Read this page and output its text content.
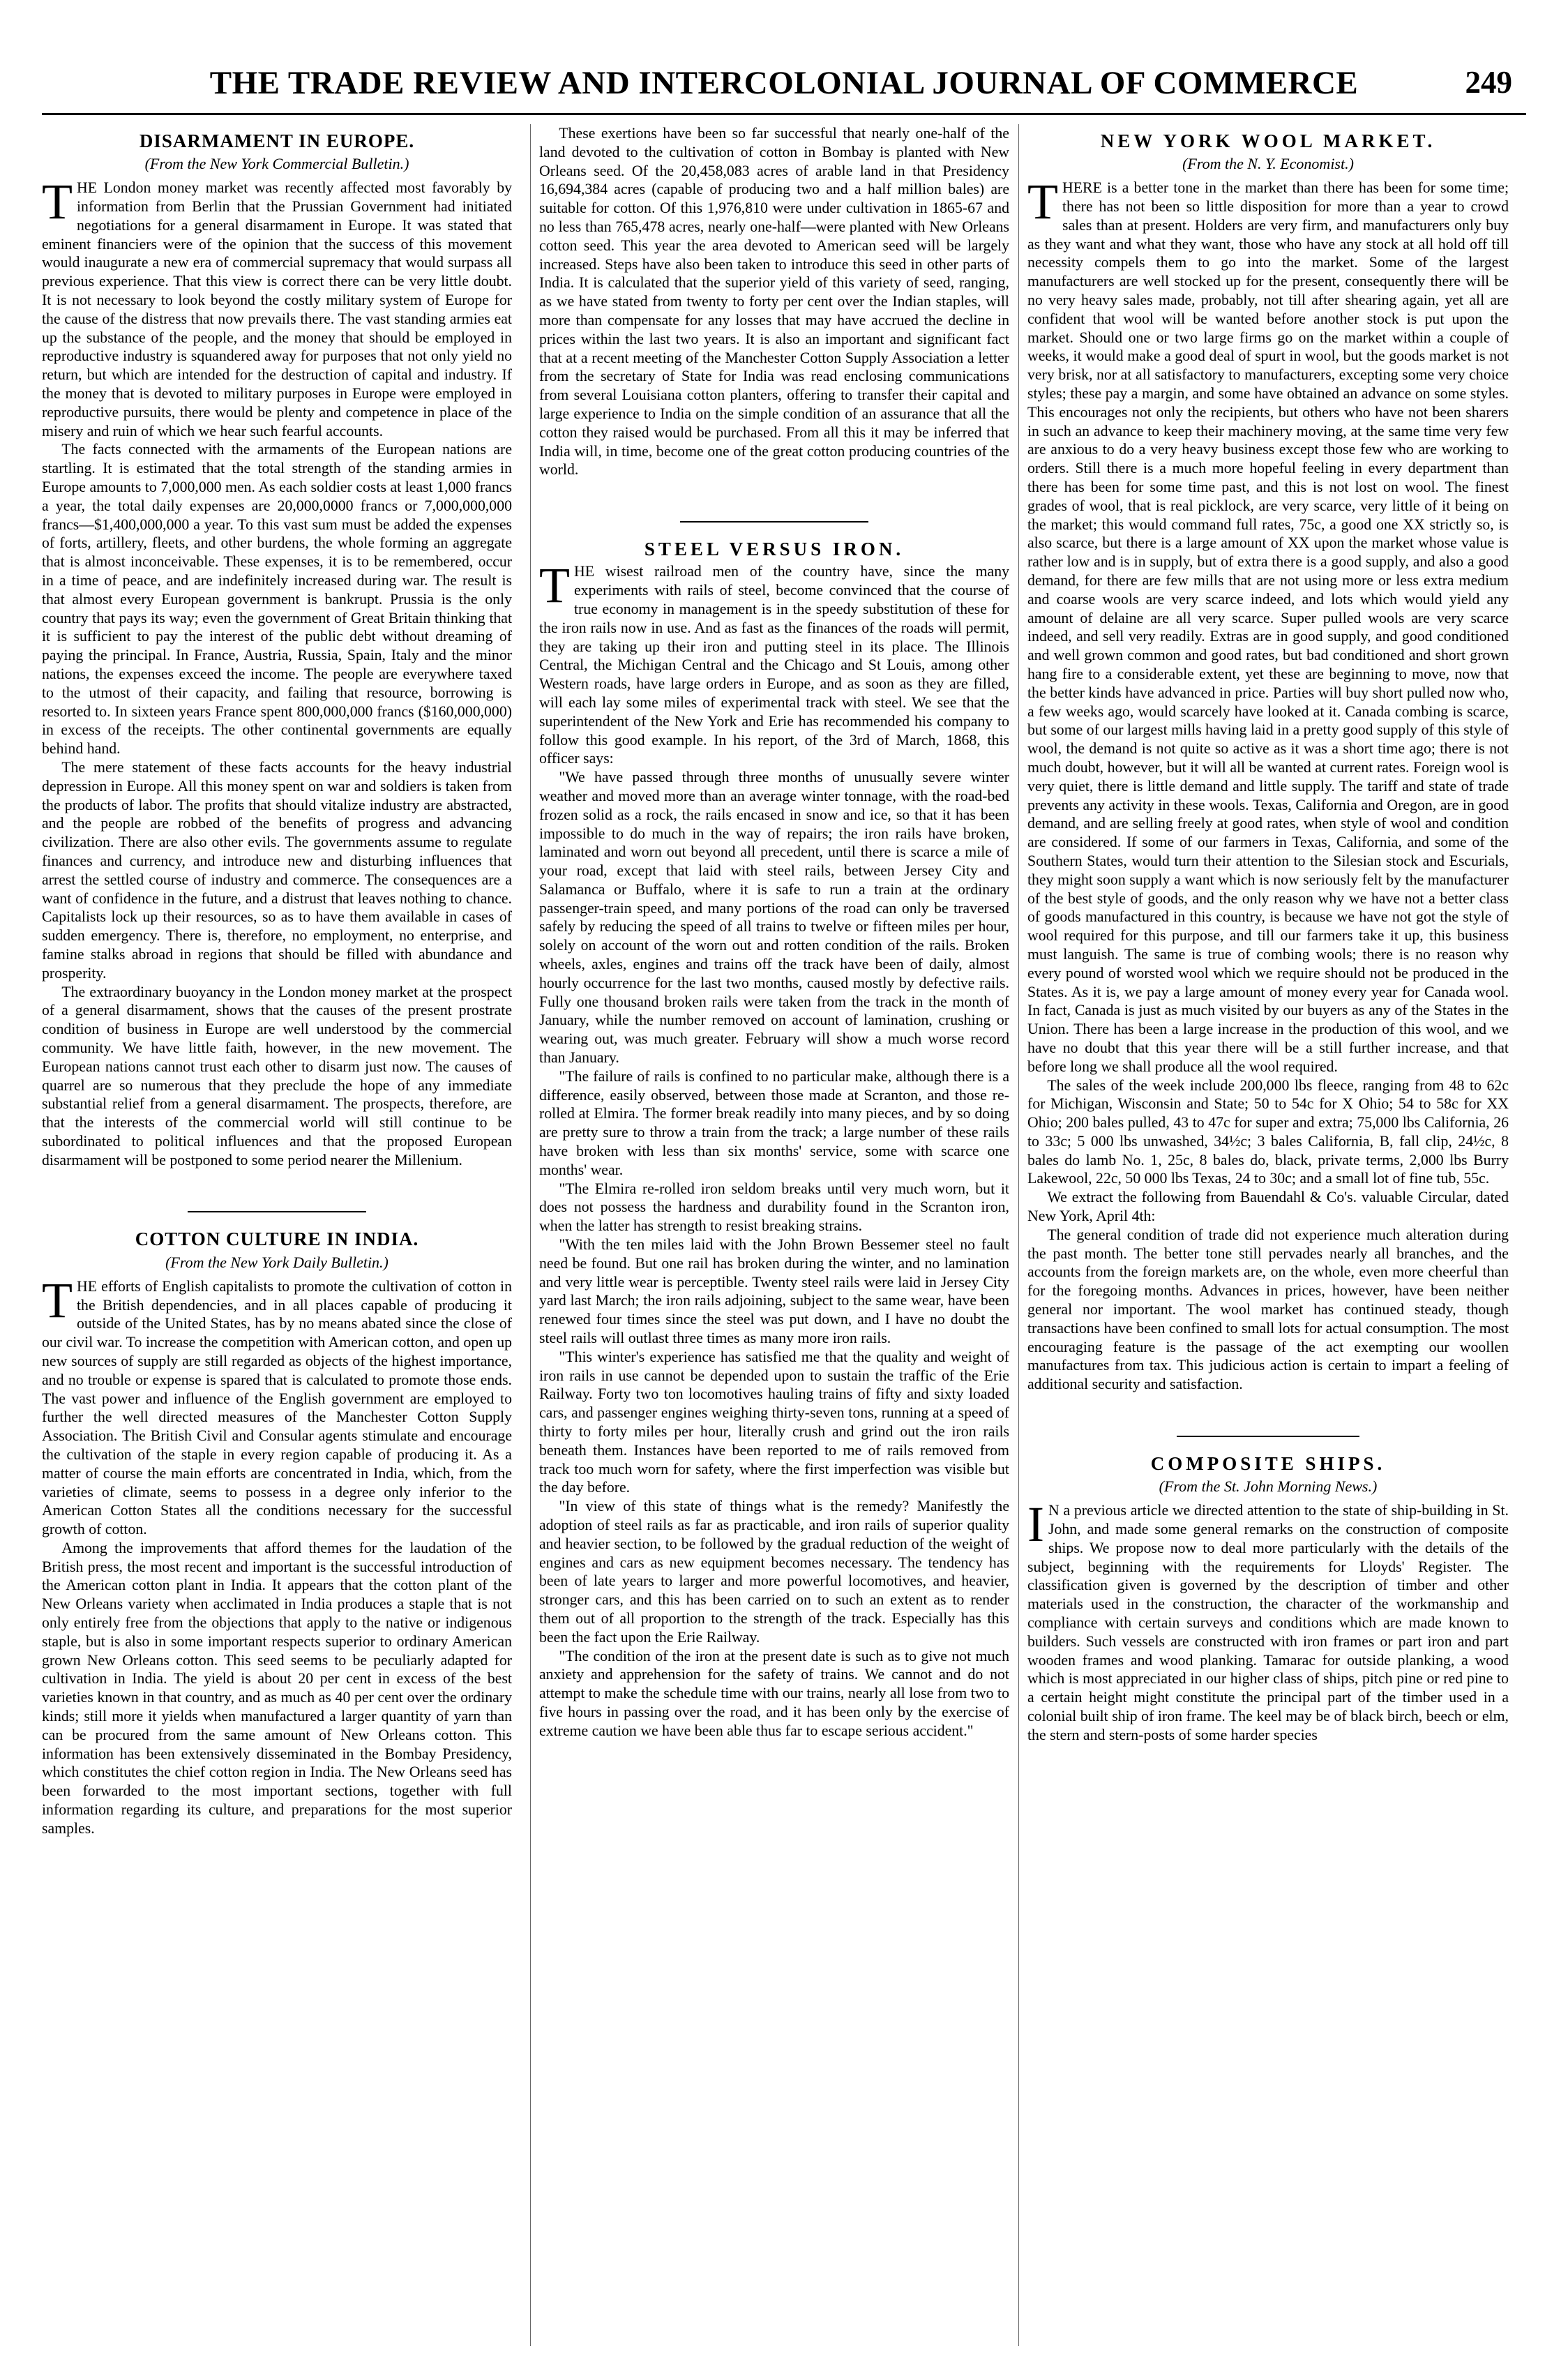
THE TRADE REVIEW AND INTERCOLONIAL JOURNAL OF COMMERCE	249
DISARMAMENT IN EUROPE.
(From the New York Commercial Bulletin.)

THE London money market was recently affected most favorably by information from Berlin that the Prussian Government had initiated negotiations for a general disarmament in Europe. It was stated that eminent financiers were of the opinion that the success of this movement would inaugurate a new era of commercial supremacy that would surpass all previous experience. That this view is correct there can be very little doubt. It is not necessary to look beyond the costly military system of Europe for the cause of the distress that now prevails there. The vast standing armies eat up the substance of the people, and the money that should be employed in reproductive industry is squandered away for purposes that not only yield no return, but which are intended for the destruction of capital and industry. If the money that is devoted to military purposes in Europe were employed in reproductive pursuits, there would be plenty and competence in place of the misery and ruin of which we hear such fearful accounts.

The facts connected with the armaments of the European nations are startling. It is estimated that the total strength of the standing armies in Europe amounts to 7,000,000 men. As each soldier costs at least 1,000 francs a year, the total daily expenses are 20,000,0000 francs or 7,000,000,000 francs—$1,400,000,000 a year. To this vast sum must be added the expenses of forts, artillery, fleets, and other burdens, the whole forming an aggregate that is almost inconceivable. These expenses, it is to be remembered, occur in a time of peace, and are indefinitely increased during war. The result is that almost every European government is bankrupt. Prussia is the only country that pays its way; even the government of Great Britain thinking that it is sufficient to pay the interest of the public debt without dreaming of paying the principal. In France, Austria, Russia, Spain, Italy and the minor nations, the expenses exceed the income. The people are everywhere taxed to the utmost of their capacity, and failing that resource, borrowing is resorted to. In sixteen years France spent 800,000,000 francs ($160,000,000) in excess of the receipts. The other continental governments are equally behind hand.

The mere statement of these facts accounts for the heavy industrial depression in Europe. All this money spent on war and soldiers is taken from the products of labor. The profits that should vitalize industry are abstracted, and the people are robbed of the benefits of progress and advancing civilization. There are also other evils. The governments assume to regulate finances and currency, and introduce new and disturbing influences that arrest the settled course of industry and commerce. The consequences are a want of confidence in the future, and a distrust that leaves nothing to chance. Capitalists lock up their resources, so as to have them available in cases of sudden emergency. There is, therefore, no employment, no enterprise, and famine stalks abroad in regions that should be filled with abundance and prosperity.

The extraordinary buoyancy in the London money market at the prospect of a general disarmament, shows that the causes of the present prostrate condition of business in Europe are well understood by the commercial community. We have little faith, however, in the new movement. The European nations cannot trust each other to disarm just now. The causes of quarrel are so numerous that they preclude the hope of any immediate substantial relief from a general disarmament. The prospects, therefore, are that the interests of the commercial world will still continue to be subordinated to political influences and that the proposed European disarmament will be postponed to some period nearer the Millenium.

COTTON CULTURE IN INDIA.
(From the New York Daily Bulletin.)

THE efforts of English capitalists to promote the cultivation of cotton in the British dependencies, and in all places capable of producing it outside of the United States, has by no means abated since the close of our civil war. To increase the competition with American cotton, and open up new sources of supply are still regarded as objects of the highest importance, and no trouble or expense is spared that is calculated to promote those ends. The vast power and influence of the English government are employed to further the well directed measures of the Manchester Cotton Supply Association. The British Civil and Consular agents stimulate and encourage the cultivation of the staple in every region capable of producing it. As a matter of course the main efforts are concentrated in India, which, from the varieties of climate, seems to possess in a degree only inferior to the American Cotton States all the conditions necessary for the successful growth of cotton.

Among the improvements that afford themes for the laudation of the British press, the most recent and important is the successful introduction of the American cotton plant in India. It appears that the cotton plant of the New Orleans variety when acclimated in India produces a staple that is not only entirely free from the objections that apply to the native or indigenous staple, but is also in some important respects superior to ordinary American grown New Orleans cotton. This seed seems to be peculiarly adapted for cultivation in India. The yield is about 20 per cent in excess of the best varieties known in that country, and as much as 40 per cent over the ordinary kinds; still more it yields when manufactured a larger quantity of yarn than can be procured from the same amount of New Orleans cotton. This information has been extensively disseminated in the Bombay Presidency, which constitutes the chief cotton region in India. The New Orleans seed has been forwarded to the most important sections, together with full information regarding its culture, and preparations for the most superior samples.

These exertions have been so far successful that nearly one-half of the land devoted to the cultivation of cotton in Bombay is planted with New Orleans seed. Of the 20,458,083 acres of arable land in that Presidency 16,694,384 acres (capable of producing two and a half million bales) are suitable for cotton. Of this 1,976,810 were under cultivation in 1865-67 and no less than 765,478 acres, nearly one-half—were planted with New Orleans cotton seed. This year the area devoted to American seed will be largely increased. Steps have also been taken to introduce this seed in other parts of India. It is calculated that the superior yield of this variety of seed, ranging, as we have stated from twenty to forty per cent over the Indian staples, will more than compensate for any losses that may have accrued the decline in prices within the last two years. It is also an important and significant fact that at a recent meeting of the Manchester Cotton Supply Association a letter from the secretary of State for India was read enclosing communications from several Louisiana cotton planters, offering to transfer their capital and large experience to India on the simple condition of an assurance that all the cotton they raised would be purchased. From all this it may be inferred that India will, in time, become one of the great cotton producing countries of the world.

STEEL VERSUS IRON.

THE wisest railroad men of the country have, since the many experiments with rails of steel, become convinced that the course of true economy in management is in the speedy substitution of these for the iron rails now in use. And as fast as the finances of the roads will permit, they are taking up their iron and putting steel in its place. The Illinois Central, the Michigan Central and the Chicago and St Louis, among other Western roads, have large orders in Europe, and as soon as they are filled, will each lay some miles of experimental track with steel. We see that the superintendent of the New York and Erie has recommended his company to follow this good example. In his report, of the 3rd of March, 1868, this officer says:

"We have passed through three months of unusually severe winter weather and moved more than an average winter tonnage, with the road-bed frozen solid as a rock, the rails encased in snow and ice, so that it has been impossible to do much in the way of repairs; the iron rails have broken, laminated and worn out beyond all precedent, until there is scarce a mile of your road, except that laid with steel rails, between Jersey City and Salamanca or Buffalo, where it is safe to run a train at the ordinary passenger-train speed, and many portions of the road can only be traversed safely by reducing the speed of all trains to twelve or fifteen miles per hour, solely on account of the worn out and rotten condition of the rails. Broken wheels, axles, engines and trains off the track have been of daily, almost hourly occurrence for the last two months, caused mostly by defective rails. Fully one thousand broken rails were taken from the track in the month of January, while the number removed on account of lamination, crushing or wearing out, was much greater. February will show a much worse record than January.

"The failure of rails is confined to no particular make, although there is a difference, easily observed, between those made at Scranton, and those re-rolled at Elmira. The former break readily into many pieces, and by so doing are pretty sure to throw a train from the track; a large number of these rails have broken with less than six months' service, some with scarce one months' wear.

"The Elmira re-rolled iron seldom breaks until very much worn, but it does not possess the hardness and durability found in the Scranton iron, when the latter has strength to resist breaking strains.

"With the ten miles laid with the John Brown Bessemer steel no fault need be found. But one rail has broken during the winter, and no lamination and very little wear is perceptible. Twenty steel rails were laid in Jersey City yard last March; the iron rails adjoining, subject to the same wear, have been renewed four times since the steel was put down, and I have no doubt the steel rails will outlast three times as many more iron rails.

"This winter's experience has satisfied me that the quality and weight of iron rails in use cannot be depended upon to sustain the traffic of the Erie Railway. Forty two ton locomotives hauling trains of fifty and sixty loaded cars, and passenger engines weighing thirty-seven tons, running at a speed of thirty to forty miles per hour, literally crush and grind out the iron rails beneath them. Instances have been reported to me of rails removed from track too much worn for safety, where the first imperfection was visible but the day before.

"In view of this state of things what is the remedy? Manifestly the adoption of steel rails as far as practicable, and iron rails of superior quality and heavier section, to be followed by the gradual reduction of the weight of engines and cars as new equipment becomes necessary. The tendency has been of late years to larger and more powerful locomotives, and heavier, stronger cars, and this has been carried on to such an extent as to render them out of all proportion to the strength of the track. Especially has this been the fact upon the Erie Railway.

"The condition of the iron at the present date is such as to give not much anxiety and apprehension for the safety of trains. We cannot and do not attempt to make the schedule time with our trains, nearly all lose from two to five hours in passing over the road, and it has been only by the exercise of extreme caution we have been able thus far to escape serious accident."

NEW YORK WOOL MARKET.
(From the N. Y. Economist.)

THERE is a better tone in the market than there has been for some time; there has not been so little disposition for more than a year to crowd sales than at present. Holders are very firm, and manufacturers only buy as they want and what they want, those who have any stock at all hold off till necessity compels them to go into the market. Some of the largest manufacturers are well stocked up for the present, consequently there will be no very heavy sales made, probably, not till after shearing again, yet all are confident that wool will be wanted before another stock is put upon the market. Should one or two large firms go on the market within a couple of weeks, it would make a good deal of spurt in wool, but the goods market is not very brisk, nor at all satisfactory to manufacturers, excepting some very choice styles; these pay a margin, and some have obtained an advance on some styles. This encourages not only the recipients, but others who have not been sharers in such an advance to keep their machinery moving, at the same time very few are anxious to do a very heavy business except those few who are working to orders. Still there is a much more hopeful feeling in every department than there has been for some time past, and this is not lost on wool. The finest grades of wool, that is real picklock, are very scarce, very little of it being on the market; this would command full rates, 75c, a good one XX strictly so, is also scarce, but there is a large amount of XX upon the market whose value is rather low and is in supply, but of extra there is a good supply, and also a good demand, for there are few mills that are not using more or less extra medium and coarse wools are very scarce indeed, and lots which would yield any amount of delaine are all very scarce. Super pulled wools are very scarce indeed, and sell very readily. Extras are in good supply, and good conditioned and well grown common and good rates, but bad conditioned and short grown hang fire to a considerable extent, yet these are beginning to move, now that the better kinds have advanced in price. Parties will buy short pulled now who, a few weeks ago, would scarcely have looked at it. Canada combing is scarce, but some of our largest mills having laid in a pretty good supply of this style of wool, the demand is not quite so active as it was a short time ago; there is not much doubt, however, but it will all be wanted at current rates. Foreign wool is very quiet, there is little demand and little supply. The tariff and state of trade prevents any activity in these wools. Texas, California and Oregon, are in good demand, and are selling freely at good rates, when style of wool and condition are considered. If some of our farmers in Texas, California, and some of the Southern States, would turn their attention to the Silesian stock and Escurials, they might soon supply a want which is now seriously felt by the manufacturer of the best style of goods, and the only reason why we have not a better class of goods manufactured in this country, is because we have not got the style of wool required for this purpose, and till our farmers take it up, this business must languish. The same is true of combing wools; there is no reason why every pound of worsted wool which we require should not be produced in the States. As it is, we pay a large amount of money every year for Canada wool. In fact, Canada is just as much visited by our buyers as any of the States in the Union. There has been a large increase in the production of this wool, and we have no doubt that this year there will be a still further increase, and that before long we shall produce all the wool required.

The sales of the week include 200,000 lbs fleece, ranging from 48 to 62c for Michigan, Wisconsin and State; 50 to 54c for X Ohio; 54 to 58c for XX Ohio; 200 bales pulled, 43 to 47c for super and extra; 75,000 lbs California, 26 to 33c; 5 000 lbs unwashed, 34½c; 3 bales California, B, fall clip, 24½c, 8 bales do lamb No. 1, 25c, 8 bales do, black, private terms, 2,000 lbs Burry Lakewool, 22c, 50 000 lbs Texas, 24 to 30c; and a small lot of fine tub, 55c.

We extract the following from Bauendahl & Co's. valuable Circular, dated New York, April 4th:

The general condition of trade did not experience much alteration during the past month. The better tone still pervades nearly all branches, and the accounts from the foreign markets are, on the whole, even more cheerful than for the foregoing months. Advances in prices, however, have been neither general nor important. The wool market has continued steady, though transactions have been confined to small lots for actual consumption. The most encouraging feature is the passage of the act exempting our woollen manufactures from tax. This judicious action is certain to impart a feeling of additional security and satisfaction.

COMPOSITE SHIPS.
(From the St. John Morning News.)

I N a previous article we directed attention to the state of ship-building in St. John, and made some general remarks on the construction of composite ships. We propose now to deal more particularly with the details of the subject, beginning with the requirements for Lloyds' Register. The classification given is governed by the description of timber and other materials used in the construction, the character of the workmanship and compliance with certain surveys and conditions which are made known to builders. Such vessels are constructed with iron frames or part iron and part wooden frames and wood planking. Tamarac for outside planking, a wood which is most appreciated in our higher class of ships, pitch pine or red pine to a certain height might constitute the principal part of the timber used in a colonial built ship of iron frame. The keel may be of black birch, beech or elm, the stern and stern-posts of some harder species
